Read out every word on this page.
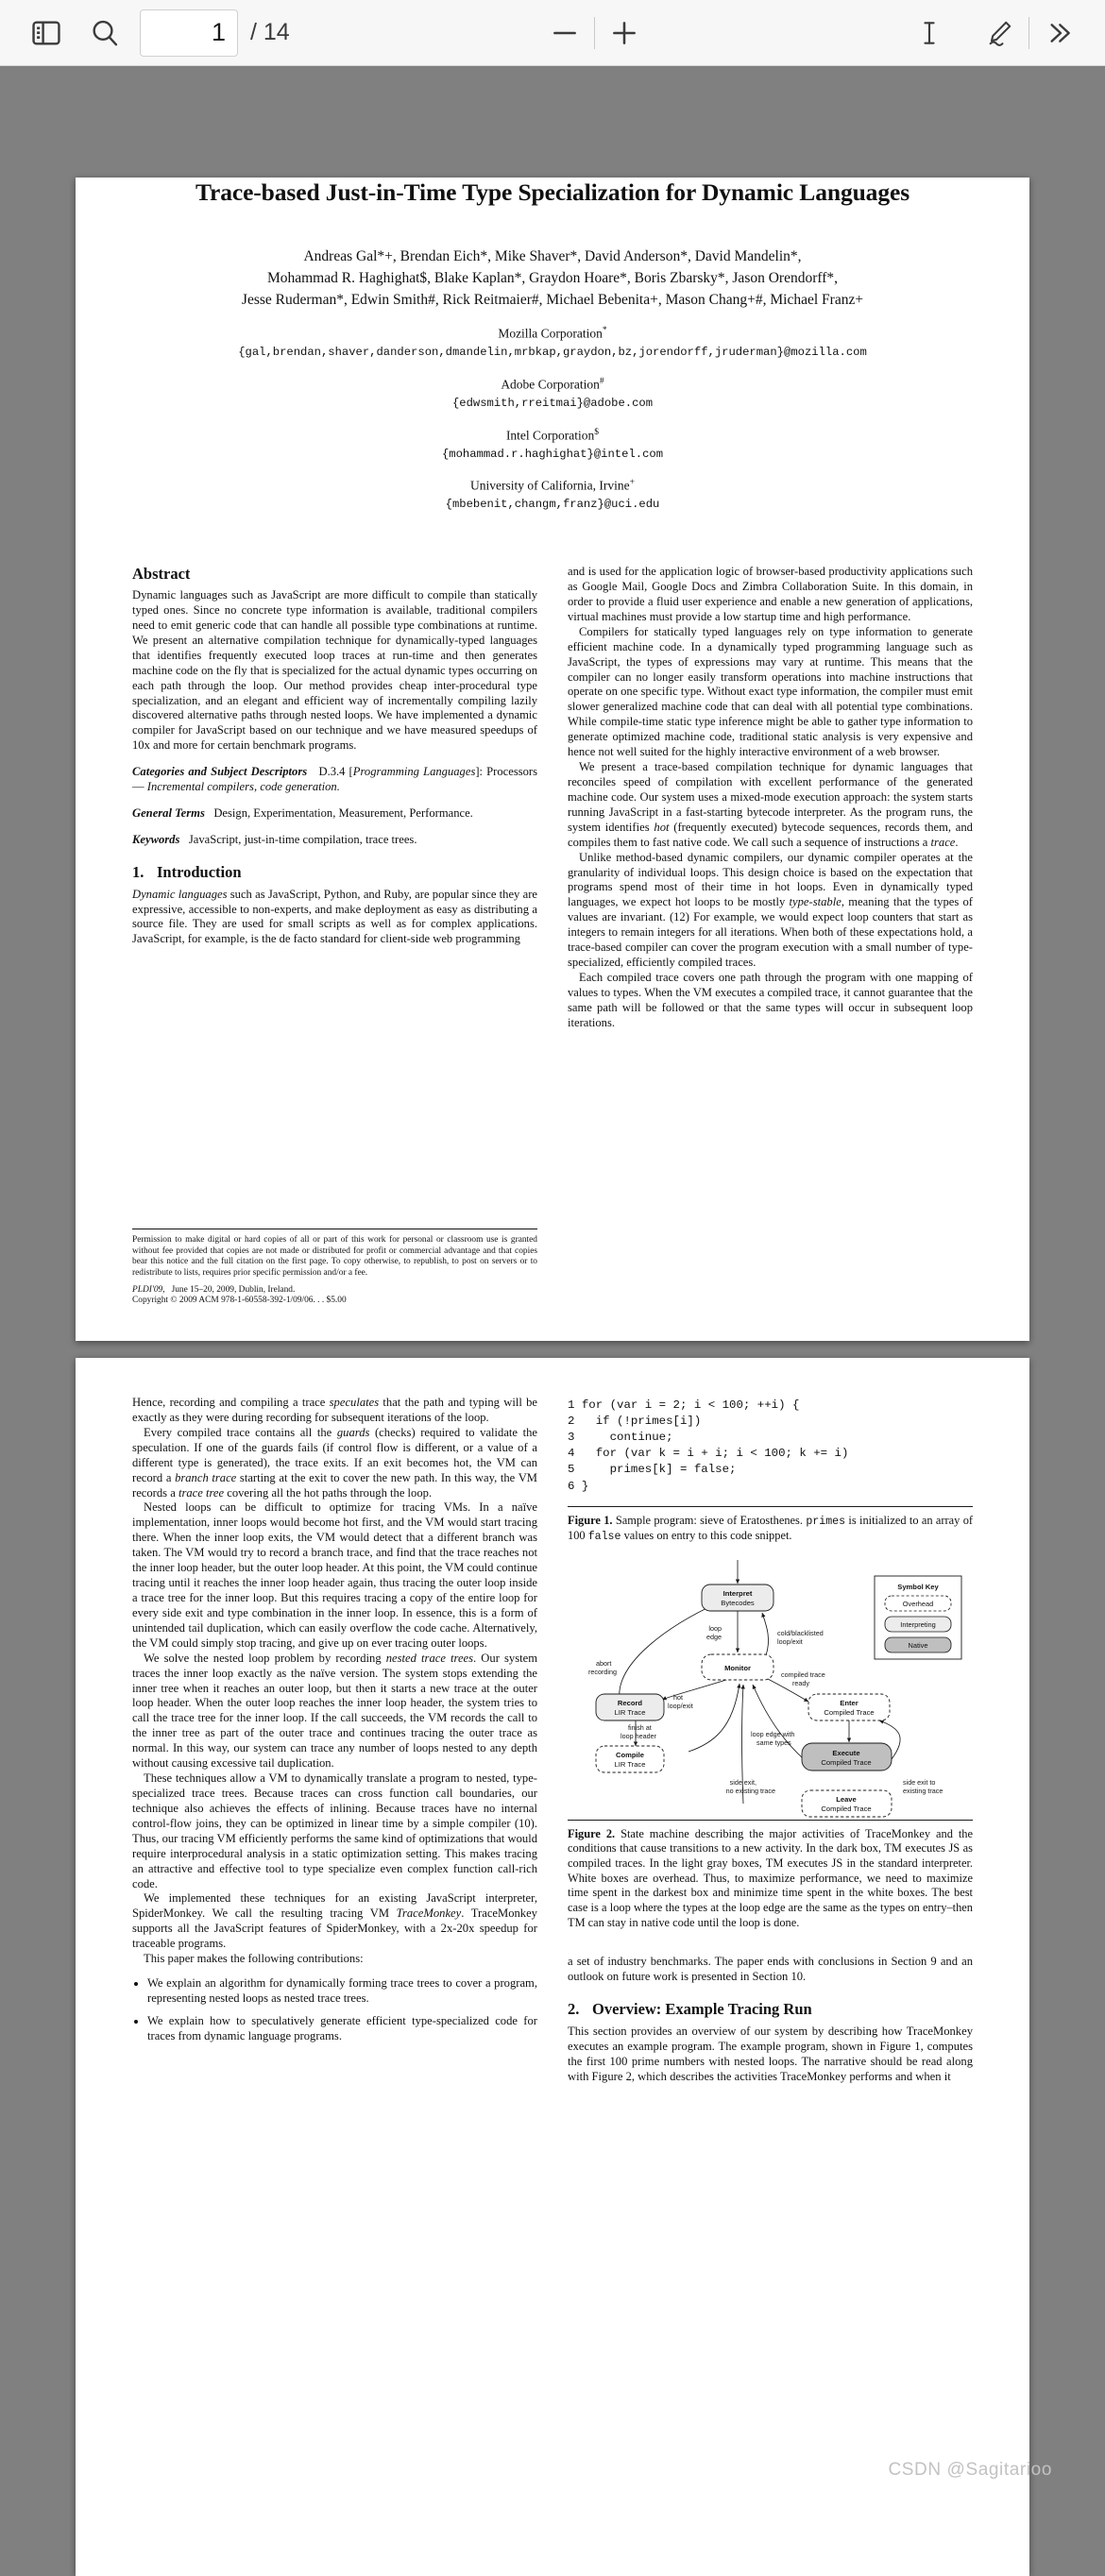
1
/ 14
Trace-based Just-in-Time Type Specialization for Dynamic Languages
Andreas Gal*+, Brendan Eich*, Mike Shaver*, David Anderson*, David Mandelin*,
Mohammad R. Haghighat$, Blake Kaplan*, Graydon Hoare*, Boris Zbarsky*, Jason Orendorff*,
Jesse Ruderman*, Edwin Smith#, Rick Reitmaier#, Michael Bebenita+, Mason Chang+#, Michael Franz+
Mozilla Corporation*
{gal,brendan,shaver,danderson,dmandelin,mrbkap,graydon,bz,jorendorff,jruderman}@mozilla.com
Adobe Corporation#
{edwsmith,rreitmai}@adobe.com
Intel Corporation$
{mohammad.r.haghighat}@intel.com
University of California, Irvine+
{mbebenit,changm,franz}@uci.edu
Abstract

Dynamic languages such as JavaScript are more difficult to compile than statically typed ones. Since no concrete type information is available, traditional compilers need to emit generic code that can handle all possible type combinations at runtime. We present an alternative compilation technique for dynamically-typed languages that identifies frequently executed loop traces at run-time and then generates machine code on the fly that is specialized for the actual dynamic types occurring on each path through the loop. Our method provides cheap inter-procedural type specialization, and an elegant and efficient way of incrementally compiling lazily discovered alternative paths through nested loops. We have implemented a dynamic compiler for JavaScript based on our technique and we have measured speedups of 10x and more for certain benchmark programs.

Categories and Subject Descriptors D.3.4 [Programming Languages]: Processors — Incremental compilers, code generation.
General Terms Design, Experimentation, Measurement, Performance.
Keywords JavaScript, just-in-time compilation, trace trees.
1. Introduction

Dynamic languages such as JavaScript, Python, and Ruby, are popular since they are expressive, accessible to non-experts, and make deployment as easy as distributing a source file. They are used for small scripts as well as for complex applications. JavaScript, for example, is the de facto standard for client-side web programming

and is used for the application logic of browser-based productivity applications such as Google Mail, Google Docs and Zimbra Collaboration Suite. In this domain, in order to provide a fluid user experience and enable a new generation of applications, virtual machines must provide a low startup time and high performance.

Compilers for statically typed languages rely on type information to generate efficient machine code. In a dynamically typed programming language such as JavaScript, the types of expressions may vary at runtime. This means that the compiler can no longer easily transform operations into machine instructions that operate on one specific type. Without exact type information, the compiler must emit slower generalized machine code that can deal with all potential type combinations. While compile-time static type inference might be able to gather type information to generate optimized machine code, traditional static analysis is very expensive and hence not well suited for the highly interactive environment of a web browser.

We present a trace-based compilation technique for dynamic languages that reconciles speed of compilation with excellent performance of the generated machine code. Our system uses a mixed-mode execution approach: the system starts running JavaScript in a fast-starting bytecode interpreter. As the program runs, the system identifies hot (frequently executed) bytecode sequences, records them, and compiles them to fast native code. We call such a sequence of instructions a trace.

Unlike method-based dynamic compilers, our dynamic compiler operates at the granularity of individual loops. This design choice is based on the expectation that programs spend most of their time in hot loops. Even in dynamically typed languages, we expect hot loops to be mostly type-stable, meaning that the types of values are invariant. (12) For example, we would expect loop counters that start as integers to remain integers for all iterations. When both of these expectations hold, a trace-based compiler can cover the program execution with a small number of type-specialized, efficiently compiled traces.

Each compiled trace covers one path through the program with one mapping of values to types. When the VM executes a compiled trace, it cannot guarantee that the same path will be followed or that the same types will occur in subsequent loop iterations.

Permission to make digital or hard copies of all or part of this work for personal or classroom use is granted without fee provided that copies are not made or distributed for profit or commercial advantage and that copies bear this notice and the full citation on the first page. To copy otherwise, to republish, to post on servers or to redistribute to lists, requires prior specific permission and/or a fee.
PLDI'09, June 15–20, 2009, Dublin, Ireland.
Copyright © 2009 ACM 978-1-60558-392-1/09/06. . . $5.00

Hence, recording and compiling a trace speculates that the path and typing will be exactly as they were during recording for subsequent iterations of the loop.

Every compiled trace contains all the guards (checks) required to validate the speculation. If one of the guards fails (if control flow is different, or a value of a different type is generated), the trace exits. If an exit becomes hot, the VM can record a branch trace starting at the exit to cover the new path. In this way, the VM records a trace tree covering all the hot paths through the loop.

Nested loops can be difficult to optimize for tracing VMs. In a naïve implementation, inner loops would become hot first, and the VM would start tracing there. When the inner loop exits, the VM would detect that a different branch was taken. The VM would try to record a branch trace, and find that the trace reaches not the inner loop header, but the outer loop header. At this point, the VM could continue tracing until it reaches the inner loop header again, thus tracing the outer loop inside a trace tree for the inner loop. But this requires tracing a copy of the entire loop for every side exit and type combination in the inner loop. In essence, this is a form of unintended tail duplication, which can easily overflow the code cache. Alternatively, the VM could simply stop tracing, and give up on ever tracing outer loops.

We solve the nested loop problem by recording nested trace trees. Our system traces the inner loop exactly as the naïve version. The system stops extending the inner tree when it reaches an outer loop, but then it starts a new trace at the outer loop header. When the outer loop reaches the inner loop header, the system tries to call the trace tree for the inner loop. If the call succeeds, the VM records the call to the inner tree as part of the outer trace and continues tracing the outer trace as normal. In this way, our system can trace any number of loops nested to any depth without causing excessive tail duplication.

These techniques allow a VM to dynamically translate a program to nested, type-specialized trace trees. Because traces can cross function call boundaries, our technique also achieves the effects of inlining. Because traces have no internal control-flow joins, they can be optimized in linear time by a simple compiler (10). Thus, our tracing VM efficiently performs the same kind of optimizations that would require interprocedural analysis in a static optimization setting. This makes tracing an attractive and effective tool to type specialize even complex function call-rich code.

We implemented these techniques for an existing JavaScript interpreter, SpiderMonkey. We call the resulting tracing VM TraceMonkey. TraceMonkey supports all the JavaScript features of SpiderMonkey, with a 2x-20x speedup for traceable programs.

This paper makes the following contributions:

• We explain an algorithm for dynamically forming trace trees to cover a program, representing nested loops as nested trace trees.
• We explain how to speculatively generate efficient type-specialized code for traces from dynamic language programs.
1 for (var i = 2; i < 100; ++i) {
2   if (!primes[i])
3     continue;
4   for (var k = i + i; i < 100; k += i)
5     primes[k] = false;
6 }
Figure 1. Sample program: sieve of Eratosthenes. primes is initialized to an array of 100 false values on entry to this code snippet.
Interpret
Bytecodes
Monitor
Record
LIR Trace
Compile
LIR Trace
Enter
Compiled Trace
Execute
Compiled Trace
Leave
Compiled Trace
loop
edge	cold/blacklisted
loop/exit
abort
recording
hot
loop/exit
compiled trace
ready
finish at
loop header	loop edge with
same types
side exit,
no existing trace
side exit to
existing trace
Symbol Key
Overhead
Interpreting
Native
Figure 2. State machine describing the major activities of TraceMonkey and the conditions that cause transitions to a new activity. In the dark box, TM executes JS as compiled traces. In the light gray boxes, TM executes JS in the standard interpreter. White boxes are overhead. Thus, to maximize performance, we need to maximize time spent in the darkest box and minimize time spent in the white boxes. The best case is a loop where the types at the loop edge are the same as the types on entry–then TM can stay in native code until the loop is done.

a set of industry benchmarks. The paper ends with conclusions in Section 9 and an outlook on future work is presented in Section 10.

2. Overview: Example Tracing Run

This section provides an overview of our system by describing how TraceMonkey executes an example program. The example program, shown in Figure 1, computes the first 100 prime numbers with nested loops. The narrative should be read along with Figure 2, which describes the activities TraceMonkey performs and when it

CSDN @Sagitarioo
